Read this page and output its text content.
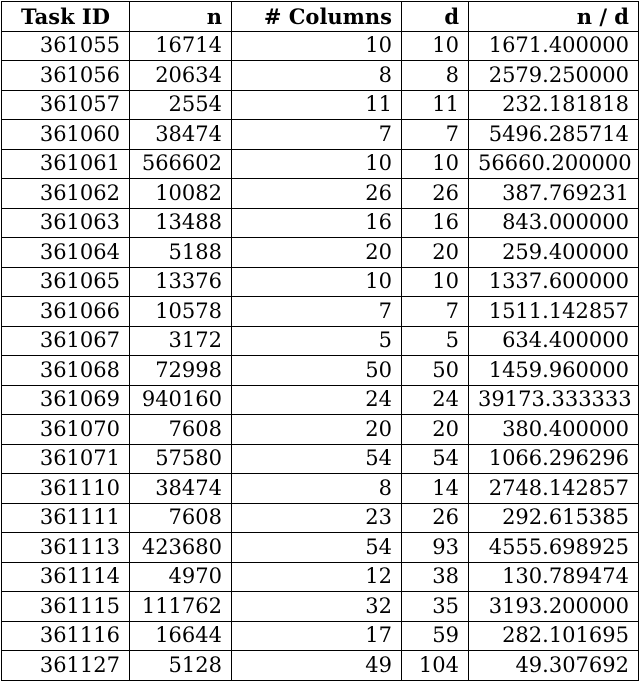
Task ID	n	# Columns	d	n / d
361055	16714	10	10	1671.400000
361056	20634	8	8	2579.250000
361057	2554	11	11	232.181818
361060	38474	7	7	5496.285714
361061	566602	10	10	56660.200000
361062	10082	26	26	387.769231
361063	13488	16	16	843.000000
361064	5188	20	20	259.400000
361065	13376	10	10	1337.600000
361066	10578	7	7	1511.142857
361067	3172	5	5	634.400000
361068	72998	50	50	1459.960000
361069	940160	24	24	39173.333333
361070	7608	20	20	380.400000
361071	57580	54	54	1066.296296
361110	38474	8	14	2748.142857
361111	7608	23	26	292.615385
361113	423680	54	93	4555.698925
361114	4970	12	38	130.789474
361115	111762	32	35	3193.200000
361116	16644	17	59	282.101695
361127	5128	49	104	49.307692
